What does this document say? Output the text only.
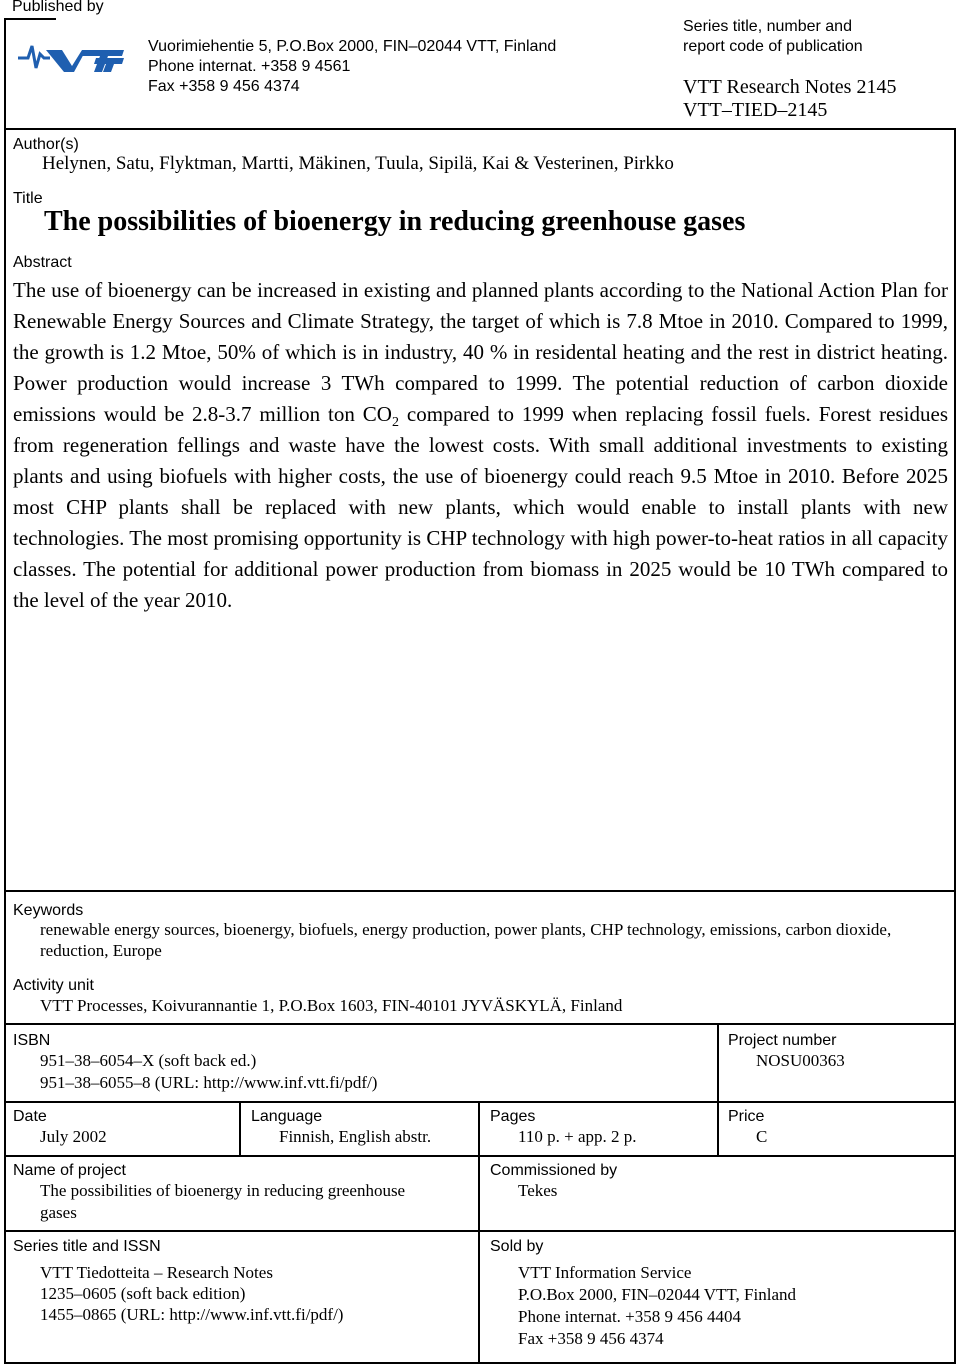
Published by
Vuorimiehentie 5, P.O.Box 2000, FIN–02044 VTT, Finland
Phone internat. +358 9 4561
Fax +358 9 456 4374
Series title, number and
report code of publication
VTT Research Notes 2145
VTT–TIED–2145
Author(s)
Helynen, Satu, Flyktman, Martti, Mäkinen, Tuula, Sipilä, Kai & Vesterinen, Pirkko
Title
The possibilities of bioenergy in reducing greenhouse gases
Abstract
The use of bioenergy can be increased in existing and planned plants according to the National Action Plan for Renewable Energy Sources and Climate Strategy, the target of which is 7.8 Mtoe in 2010. Compared to 1999, the growth is 1.2 Mtoe, 50% of which is in industry, 40 % in residental heating and the rest in district heating. Power production would increase 3 TWh compared to 1999. The potential reduction of carbon dioxide emissions would be 2.8-3.7 million ton $CO_2$ compared to 1999 when replacing fossil fuels. Forest residues from regeneration fellings and waste have the lowest costs. With small additional investments to existing plants and using biofuels with higher costs, the use of bioenergy could reach 9.5 Mtoe in 2010. Before 2025 most CHP plants shall be replaced with new plants, which would enable to install plants with new technologies. The most promising opportunity is CHP technology with high power-to-heat ratios in all capacity classes. The potential for additional power production from biomass in 2025 would be 10 TWh compared to the level of the year 2010.
Keywords
renewable energy sources, bioenergy, biofuels, energy production, power plants, CHP technology, emissions, carbon dioxide, reduction, Europe
Activity unit
VTT Processes, Koivurannantie 1, P.O.Box 1603, FIN-40101 JYVÄSKYLÄ, Finland
ISBN
951–38–6054–X (soft back ed.)
951–38–6055–8 (URL: http://www.inf.vtt.fi/pdf/)
Project number
NOSU00363
Date
July 2002
Language
Finnish, English abstr.
Pages
110 p. + app. 2 p.
Price
C
Name of project
The possibilities of bioenergy in reducing greenhouse
gases
Commissioned by
Tekes
Series title and ISSN
VTT Tiedotteita – Research Notes
1235–0605 (soft back edition)
1455–0865 (URL: http://www.inf.vtt.fi/pdf/)
Sold by
VTT Information Service
P.O.Box 2000, FIN–02044 VTT, Finland
Phone internat. +358 9 456 4404
Fax +358 9 456 4374
